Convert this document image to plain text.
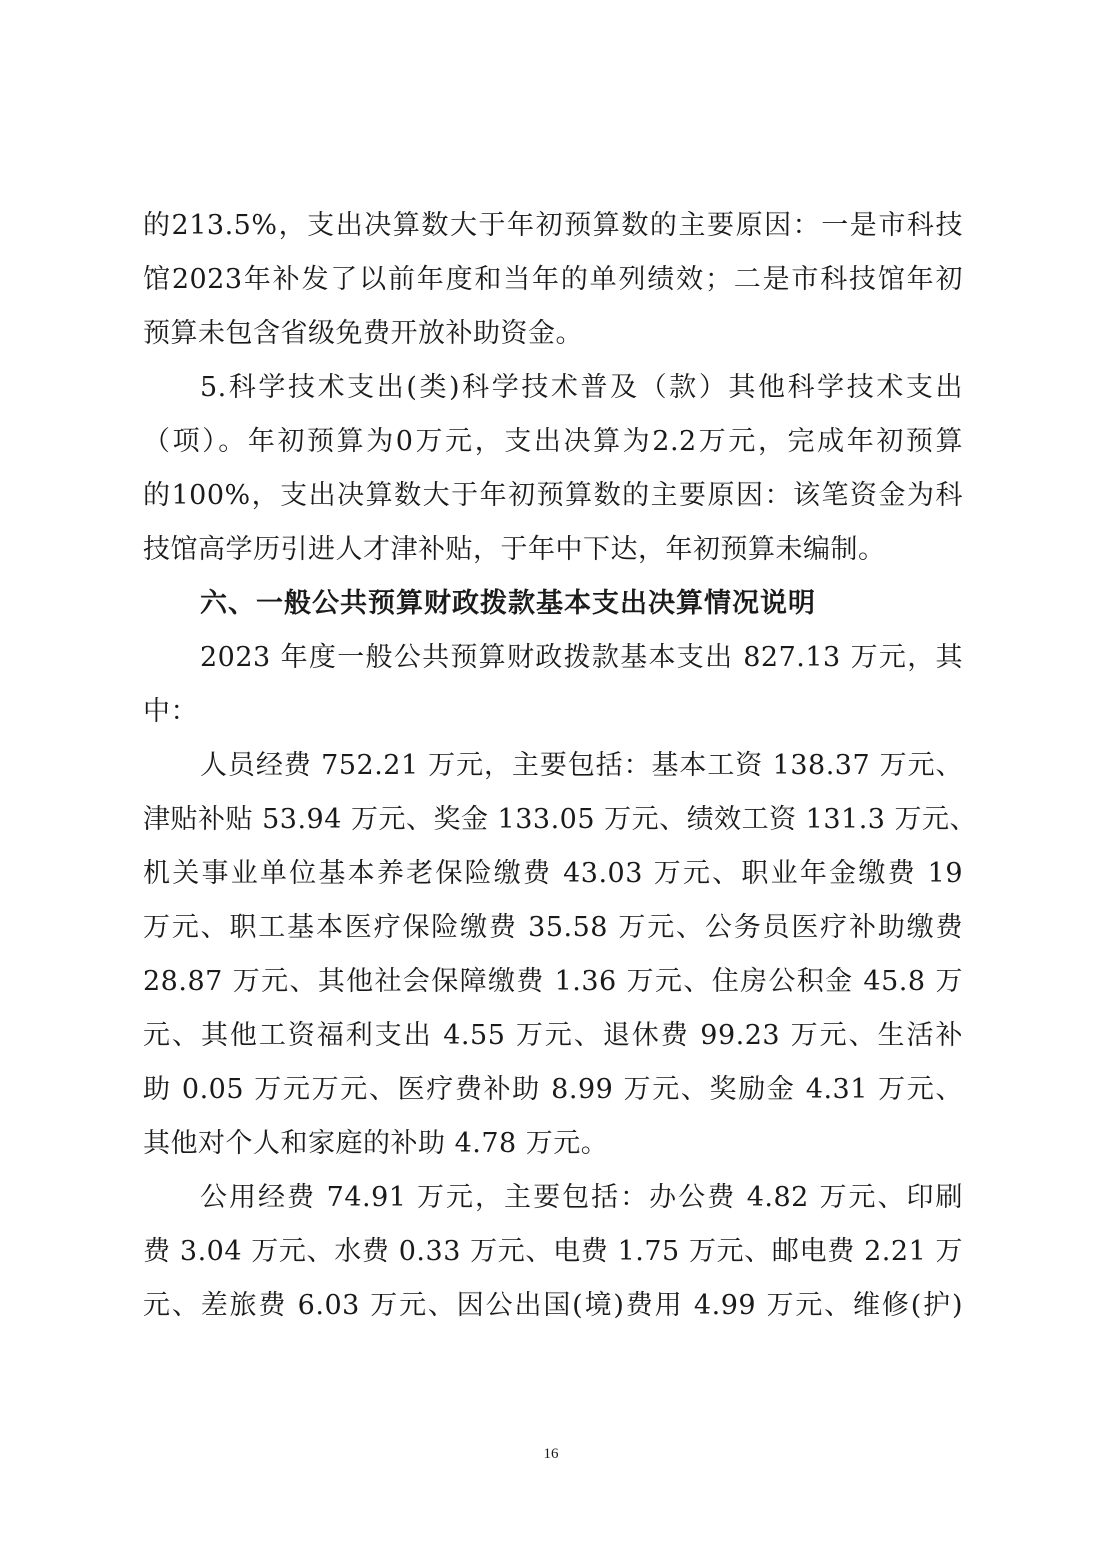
的213.5%，支出决算数大于年初预算数的主要原因：一是市科技
馆2023年补发了以前年度和当年的单列绩效；二是市科技馆年初
预算未包含省级免费开放补助资金。
5.科学技术支出(类)科学技术普及（款）其他科学技术支出
（项）。年初预算为0万元，支出决算为2.2万元，完成年初预算
的100%，支出决算数大于年初预算数的主要原因：该笔资金为科
技馆高学历引进人才津补贴，于年中下达，年初预算未编制。
六、一般公共预算财政拨款基本支出决算情况说明
2023 年度一般公共预算财政拨款基本支出 827.13 万元，其
中：
人员经费 752.21 万元，主要包括：基本工资 138.37 万元、
津贴补贴 53.94 万元、奖金 133.05 万元、绩效工资 131.3 万元、
机关事业单位基本养老保险缴费 43.03 万元、职业年金缴费 19
万元、职工基本医疗保险缴费 35.58 万元、公务员医疗补助缴费
28.87 万元、其他社会保障缴费 1.36 万元、住房公积金 45.8 万
元、其他工资福利支出 4.55 万元、退休费 99.23 万元、生活补
助 0.05 万元万元、医疗费补助 8.99 万元、奖励金 4.31 万元、
其他对个人和家庭的补助 4.78 万元。
公用经费 74.91 万元，主要包括：办公费 4.82 万元、印刷
费 3.04 万元、水费 0.33 万元、电费 1.75 万元、邮电费 2.21 万
元、差旅费 6.03 万元、因公出国(境)费用 4.99 万元、维修(护)
16
